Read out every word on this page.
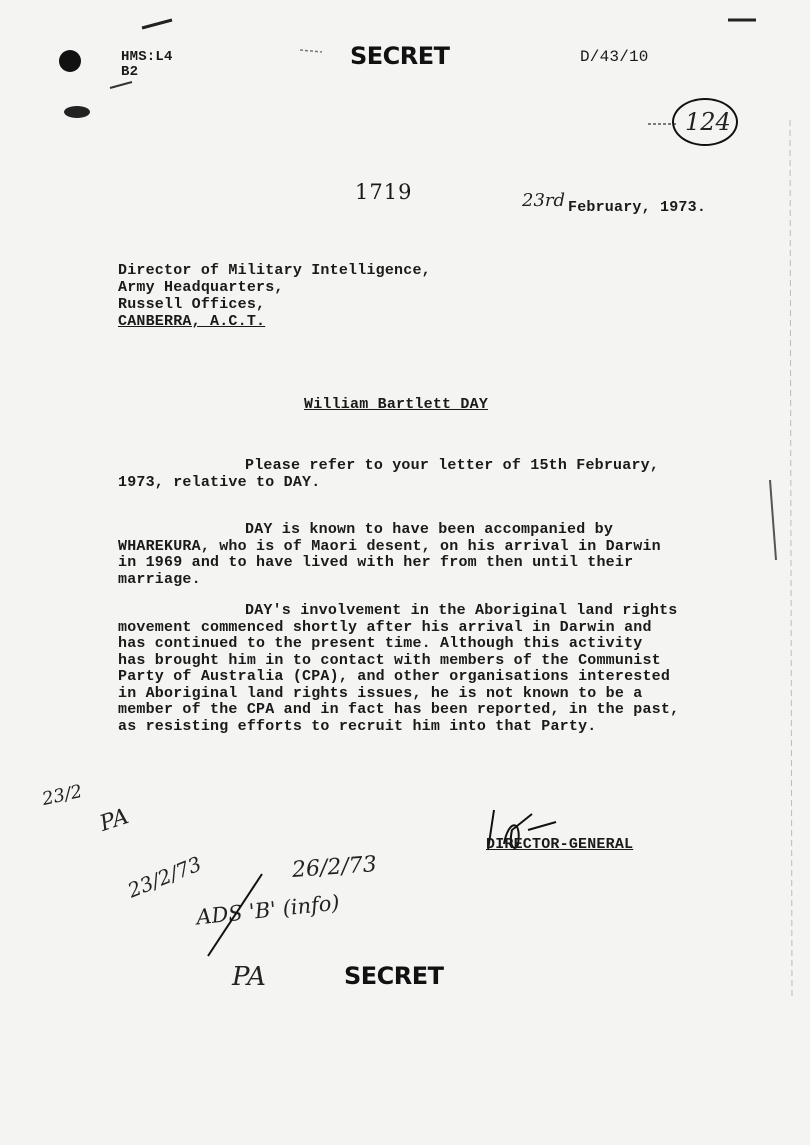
HMS:L4
B2
SECRET	D/43/10
124
1719	23rd February, 1973.
Director of Military Intelligence,
Army Headquarters,
Russell Offices,
CANBERRA, A.C.T.
William Bartlett DAY
Please refer to your letter of 15th February,
1973, relative to DAY.
DAY is known to have been accompanied by
WHAREKURA, who is of Maori desent, on his arrival in Darwin
in 1969 and to have lived with her from then until their
marriage.
DAY's involvement in the Aboriginal land rights
movement commenced shortly after his arrival in Darwin and
has continued to the present time. Although this activity
has brought him in to contact with members of the Communist
Party of Australia (CPA), and other organisations interested
in Aboriginal land rights issues, he is not known to be a
member of the CPA and in fact has been reported, in the past,
as resisting efforts to recruit him into that Party.
DIRECTOR-GENERAL
23/2
PA
23/2/73	26/2/73
ADS 'B' (info)
PA	SECRET
